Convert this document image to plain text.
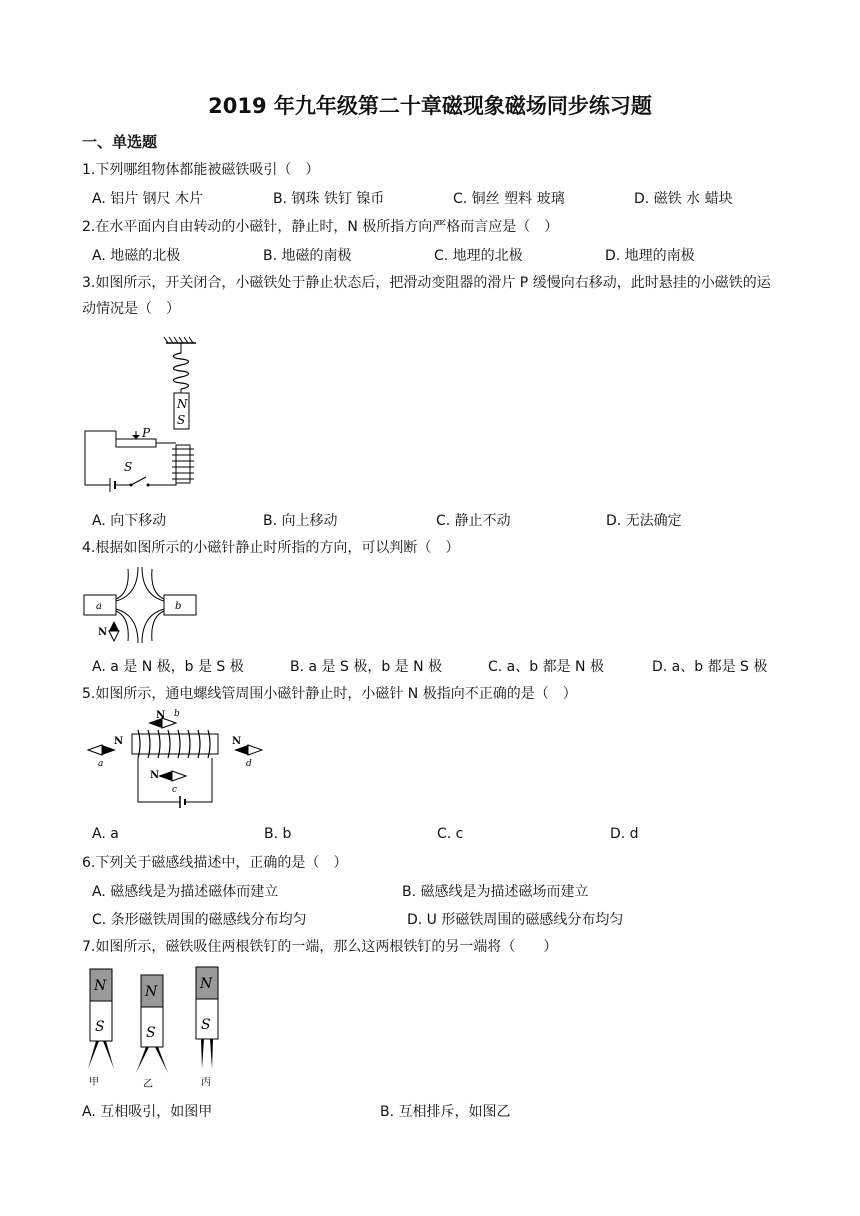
2019 年九年级第二十章磁现象磁场同步练习题
一、单选题
1.下列哪组物体都能被磁铁吸引（　）
A. 铝片 钢尺 木片	B. 钢珠 铁钉 镍币	C. 铜丝 塑料 玻璃	D. 磁铁 水 蜡块
2.在水平面内自由转动的小磁针，静止时，N 极所指方向严格而言应是（　）
A. 地磁的北极	B. 地磁的南极	C. 地理的北极	D. 地理的南极
3.如图所示，开关闭合，小磁铁处于静止状态后，把滑动变阻器的滑片 P 缓慢向右移动，此时悬挂的小磁铁的运动情况是（　）
N
S
P
S
A. 向下移动	B. 向上移动	C. 静止不动	D. 无法确定
4.根据如图所示的小磁针静止时所指的方向，可以判断（　）
a	b
N
A. a 是 N 极，b 是 S 极	B. a 是 S 极，b 是 N 极	C. a、b 都是 N 极	D. a、b 都是 S 极
5.如图所示，通电螺线管周围小磁针静止时，小磁针 N 极指向不正确的是（　）
N b
N
a
N
d
N
c
A. a	B. b	C. c	D. d
6.下列关于磁感线描述中，正确的是（　）
A. 磁感线是为描述磁体而建立	B. 磁感线是为描述磁场而建立
C. 条形磁铁周围的磁感线分布均匀	D. U 形磁铁周围的磁感线分布均匀
7.如图所示，磁铁吸住两根铁钉的一端，那么这两根铁钉的另一端将（　　）
N
S
甲
N
S
乙
N
S
丙
A. 互相吸引，如图甲	B. 互相排斥，如图乙
